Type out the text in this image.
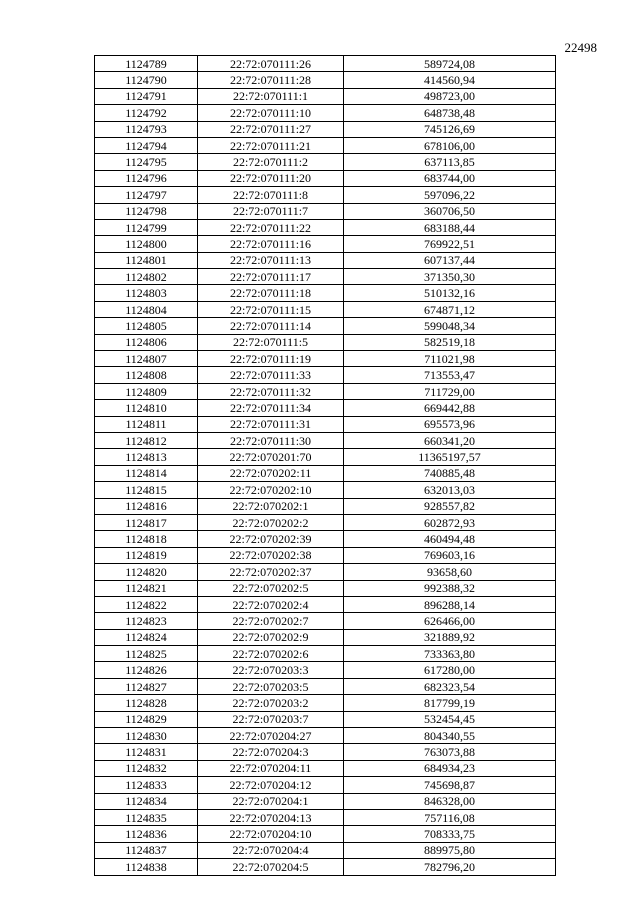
22498
1124789	22:72:070111:26	589724,08
1124790	22:72:070111:28	414560,94
1124791	22:72:070111:1	498723,00
1124792	22:72:070111:10	648738,48
1124793	22:72:070111:27	745126,69
1124794	22:72:070111:21	678106,00
1124795	22:72:070111:2	637113,85
1124796	22:72:070111:20	683744,00
1124797	22:72:070111:8	597096,22
1124798	22:72:070111:7	360706,50
1124799	22:72:070111:22	683188,44
1124800	22:72:070111:16	769922,51
1124801	22:72:070111:13	607137,44
1124802	22:72:070111:17	371350,30
1124803	22:72:070111:18	510132,16
1124804	22:72:070111:15	674871,12
1124805	22:72:070111:14	599048,34
1124806	22:72:070111:5	582519,18
1124807	22:72:070111:19	711021,98
1124808	22:72:070111:33	713553,47
1124809	22:72:070111:32	711729,00
1124810	22:72:070111:34	669442,88
1124811	22:72:070111:31	695573,96
1124812	22:72:070111:30	660341,20
1124813	22:72:070201:70	11365197,57
1124814	22:72:070202:11	740885,48
1124815	22:72:070202:10	632013,03
1124816	22:72:070202:1	928557,82
1124817	22:72:070202:2	602872,93
1124818	22:72:070202:39	460494,48
1124819	22:72:070202:38	769603,16
1124820	22:72:070202:37	93658,60
1124821	22:72:070202:5	992388,32
1124822	22:72:070202:4	896288,14
1124823	22:72:070202:7	626466,00
1124824	22:72:070202:9	321889,92
1124825	22:72:070202:6	733363,80
1124826	22:72:070203:3	617280,00
1124827	22:72:070203:5	682323,54
1124828	22:72:070203:2	817799,19
1124829	22:72:070203:7	532454,45
1124830	22:72:070204:27	804340,55
1124831	22:72:070204:3	763073,88
1124832	22:72:070204:11	684934,23
1124833	22:72:070204:12	745698,87
1124834	22:72:070204:1	846328,00
1124835	22:72:070204:13	757116,08
1124836	22:72:070204:10	708333,75
1124837	22:72:070204:4	889975,80
1124838	22:72:070204:5	782796,20
